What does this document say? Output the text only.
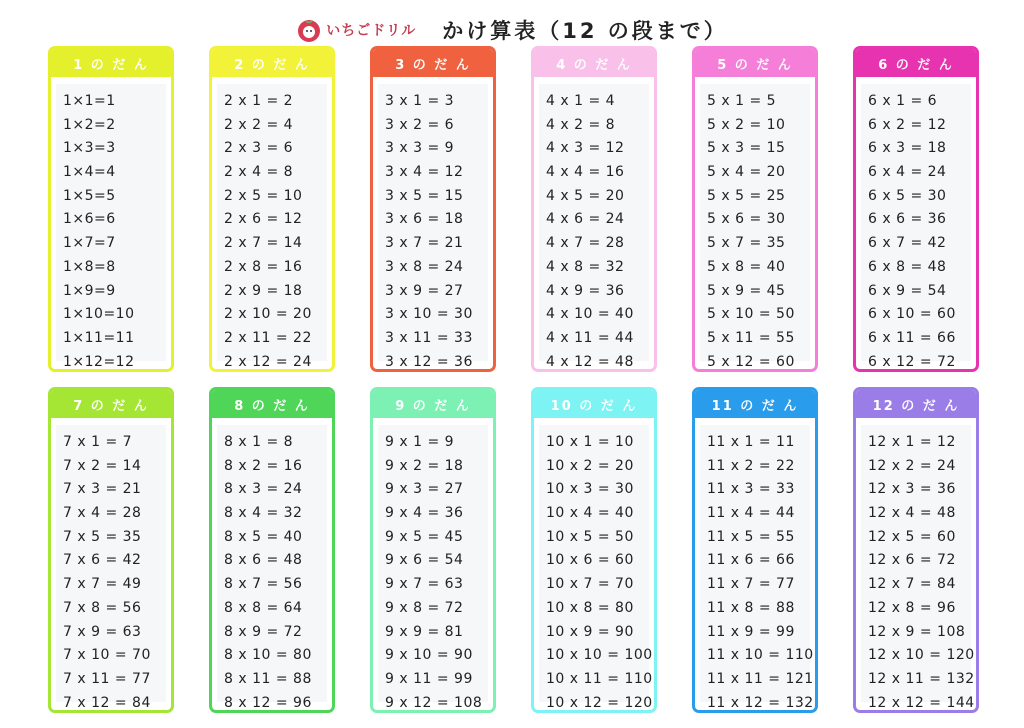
いちごドリル かけ算表（12 の段まで）
1 の だ ん
1×1=1
1×2=2
1×3=3
1×4=4
1×5=5
1×6=6
1×7=7
1×8=8
1×9=9
1×10=10
1×11=11
1×12=12
2 の だ ん
2 x 1 = 2
2 x 2 = 4
2 x 3 = 6
2 x 4 = 8
2 x 5 = 10
2 x 6 = 12
2 x 7 = 14
2 x 8 = 16
2 x 9 = 18
2 x 10 = 20
2 x 11 = 22
2 x 12 = 24
3 の だ ん
3 x 1 = 3
3 x 2 = 6
3 x 3 = 9
3 x 4 = 12
3 x 5 = 15
3 x 6 = 18
3 x 7 = 21
3 x 8 = 24
3 x 9 = 27
3 x 10 = 30
3 x 11 = 33
3 x 12 = 36
4 の だ ん
4 x 1 = 4
4 x 2 = 8
4 x 3 = 12
4 x 4 = 16
4 x 5 = 20
4 x 6 = 24
4 x 7 = 28
4 x 8 = 32
4 x 9 = 36
4 x 10 = 40
4 x 11 = 44
4 x 12 = 48
5 の だ ん
5 x 1 = 5
5 x 2 = 10
5 x 3 = 15
5 x 4 = 20
5 x 5 = 25
5 x 6 = 30
5 x 7 = 35
5 x 8 = 40
5 x 9 = 45
5 x 10 = 50
5 x 11 = 55
5 x 12 = 60
6 の だ ん
6 x 1 = 6
6 x 2 = 12
6 x 3 = 18
6 x 4 = 24
6 x 5 = 30
6 x 6 = 36
6 x 7 = 42
6 x 8 = 48
6 x 9 = 54
6 x 10 = 60
6 x 11 = 66
6 x 12 = 72
7 の だ ん
7 x 1 = 7
7 x 2 = 14
7 x 3 = 21
7 x 4 = 28
7 x 5 = 35
7 x 6 = 42
7 x 7 = 49
7 x 8 = 56
7 x 9 = 63
7 x 10 = 70
7 x 11 = 77
7 x 12 = 84
8 の だ ん
8 x 1 = 8
8 x 2 = 16
8 x 3 = 24
8 x 4 = 32
8 x 5 = 40
8 x 6 = 48
8 x 7 = 56
8 x 8 = 64
8 x 9 = 72
8 x 10 = 80
8 x 11 = 88
8 x 12 = 96
9 の だ ん
9 x 1 = 9
9 x 2 = 18
9 x 3 = 27
9 x 4 = 36
9 x 5 = 45
9 x 6 = 54
9 x 7 = 63
9 x 8 = 72
9 x 9 = 81
9 x 10 = 90
9 x 11 = 99
9 x 12 = 108
10 の だ ん
10 x 1 = 10
10 x 2 = 20
10 x 3 = 30
10 x 4 = 40
10 x 5 = 50
10 x 6 = 60
10 x 7 = 70
10 x 8 = 80
10 x 9 = 90
10 x 10 = 100
10 x 11 = 110
10 x 12 = 120
11 の だ ん
11 x 1 = 11
11 x 2 = 22
11 x 3 = 33
11 x 4 = 44
11 x 5 = 55
11 x 6 = 66
11 x 7 = 77
11 x 8 = 88
11 x 9 = 99
11 x 10 = 110
11 x 11 = 121
11 x 12 = 132
12 の だ ん
12 x 1 = 12
12 x 2 = 24
12 x 3 = 36
12 x 4 = 48
12 x 5 = 60
12 x 6 = 72
12 x 7 = 84
12 x 8 = 96
12 x 9 = 108
12 x 10 = 120
12 x 11 = 132
12 x 12 = 144
